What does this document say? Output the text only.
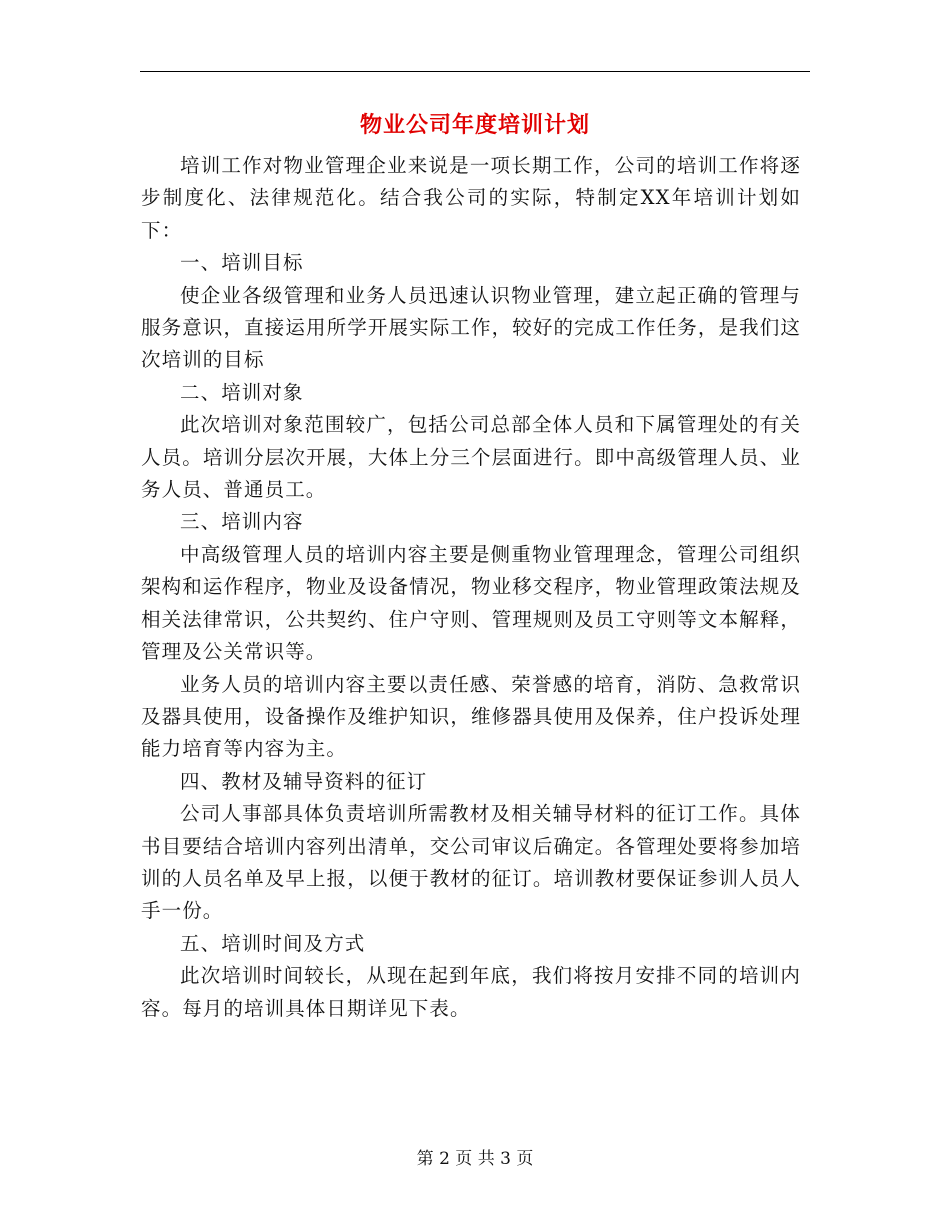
物业公司年度培训计划

培训工作对物业管理企业来说是一项长期工作，公司的培训工作将逐步制度化、法律规范化。结合我公司的实际，特制定XX年培训计划如下：

一、培训目标

使企业各级管理和业务人员迅速认识物业管理，建立起正确的管理与服务意识，直接运用所学开展实际工作，较好的完成工作任务，是我们这次培训的目标

二、培训对象

此次培训对象范围较广，包括公司总部全体人员和下属管理处的有关人员。培训分层次开展，大体上分三个层面进行。即中高级管理人员、业务人员、普通员工。

三、培训内容

中高级管理人员的培训内容主要是侧重物业管理理念，管理公司组织架构和运作程序，物业及设备情况，物业移交程序，物业管理政策法规及相关法律常识，公共契约、住户守则、管理规则及员工守则等文本解释，管理及公关常识等。

业务人员的培训内容主要以责任感、荣誉感的培育，消防、急救常识及器具使用，设备操作及维护知识，维修器具使用及保养，住户投诉处理能力培育等内容为主。

四、教材及辅导资料的征订

公司人事部具体负责培训所需教材及相关辅导材料的征订工作。具体书目要结合培训内容列出清单，交公司审议后确定。各管理处要将参加培训的人员名单及早上报，以便于教材的征订。培训教材要保证参训人员人手一份。

五、培训时间及方式

此次培训时间较长，从现在起到年底，我们将按月安排不同的培训内容。每月的培训具体日期详见下表。

第 2 页 共 3 页
